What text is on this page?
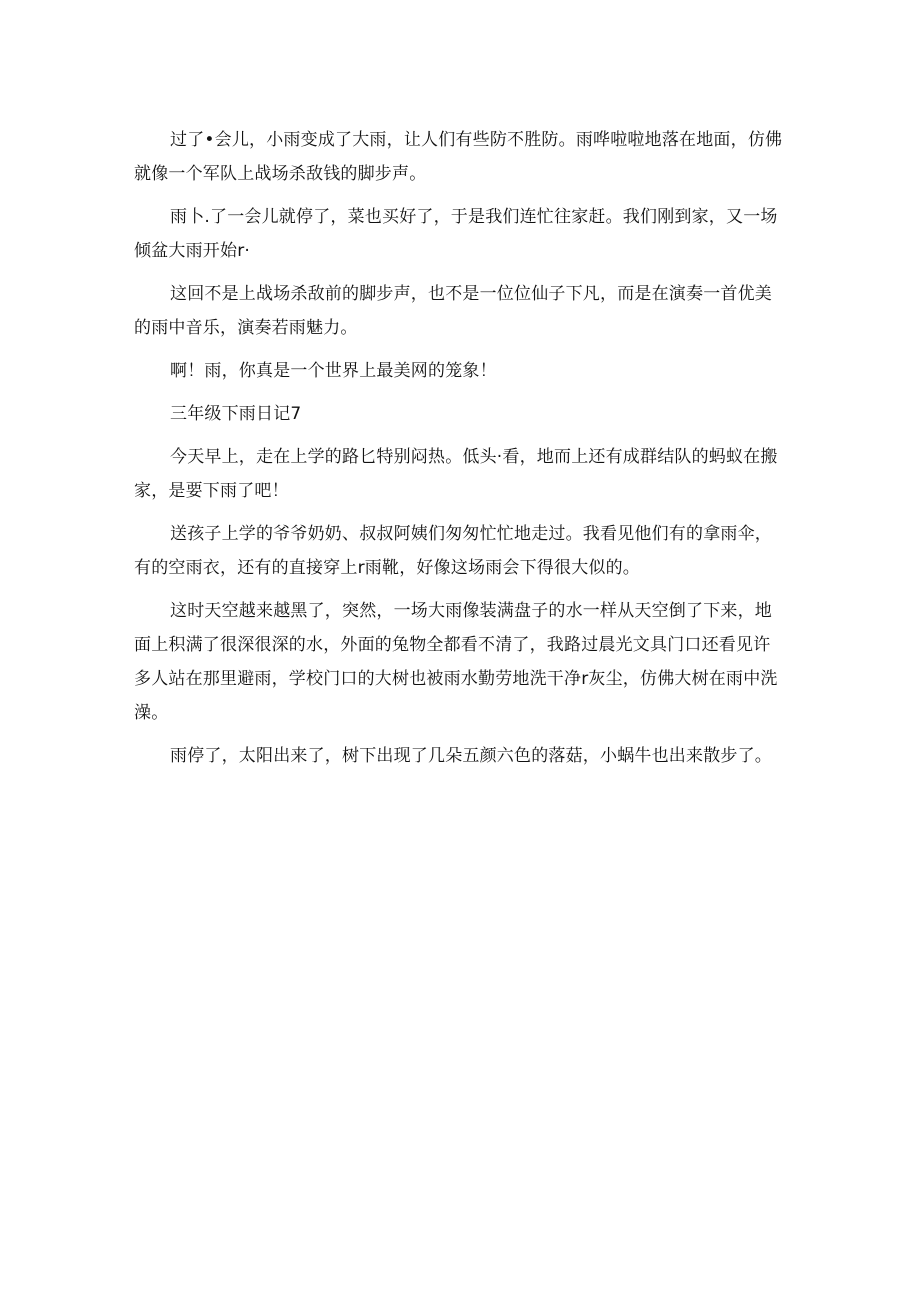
过了•会儿，小雨变成了大雨，让人们有些防不胜防。雨哗啦啦地落在地面，仿佛就像一个军队上战场杀敌钱的脚步声。

雨卜.了一会儿就停了，菜也买好了，于是我们连忙往家赶。我们刚到家，又一场倾盆大雨开始r·

这回不是上战场杀敌前的脚步声，也不是一位位仙子下凡，而是在演奏一首优美的雨中音乐，演奏若雨魅力。

啊！雨，你真是一个世界上最美网的笼象！

三年级下雨日记7

今天早上，走在上学的路匕特别闷热。低头·看，地而上还有成群结队的蚂蚁在搬家，是要下雨了吧！

送孩子上学的爷爷奶奶、叔叔阿姨们匆匆忙忙地走过。我看见他们有的拿雨伞，有的空雨衣，还有的直接穿上r雨靴，好像这场雨会下得很大似的。

这时天空越来越黑了，突然，一场大雨像装满盘子的水一样从天空倒了下来，地面上积满了很深很深的水，外面的兔物全都看不清了，我路过晨光文具门口还看见许多人站在那里避雨，学校门口的大树也被雨水勤劳地洗干净r灰尘，仿佛大树在雨中洗澡。

雨停了，太阳出来了，树下出现了几朵五颜六色的落菇，小蜗牛也出来散步了。
